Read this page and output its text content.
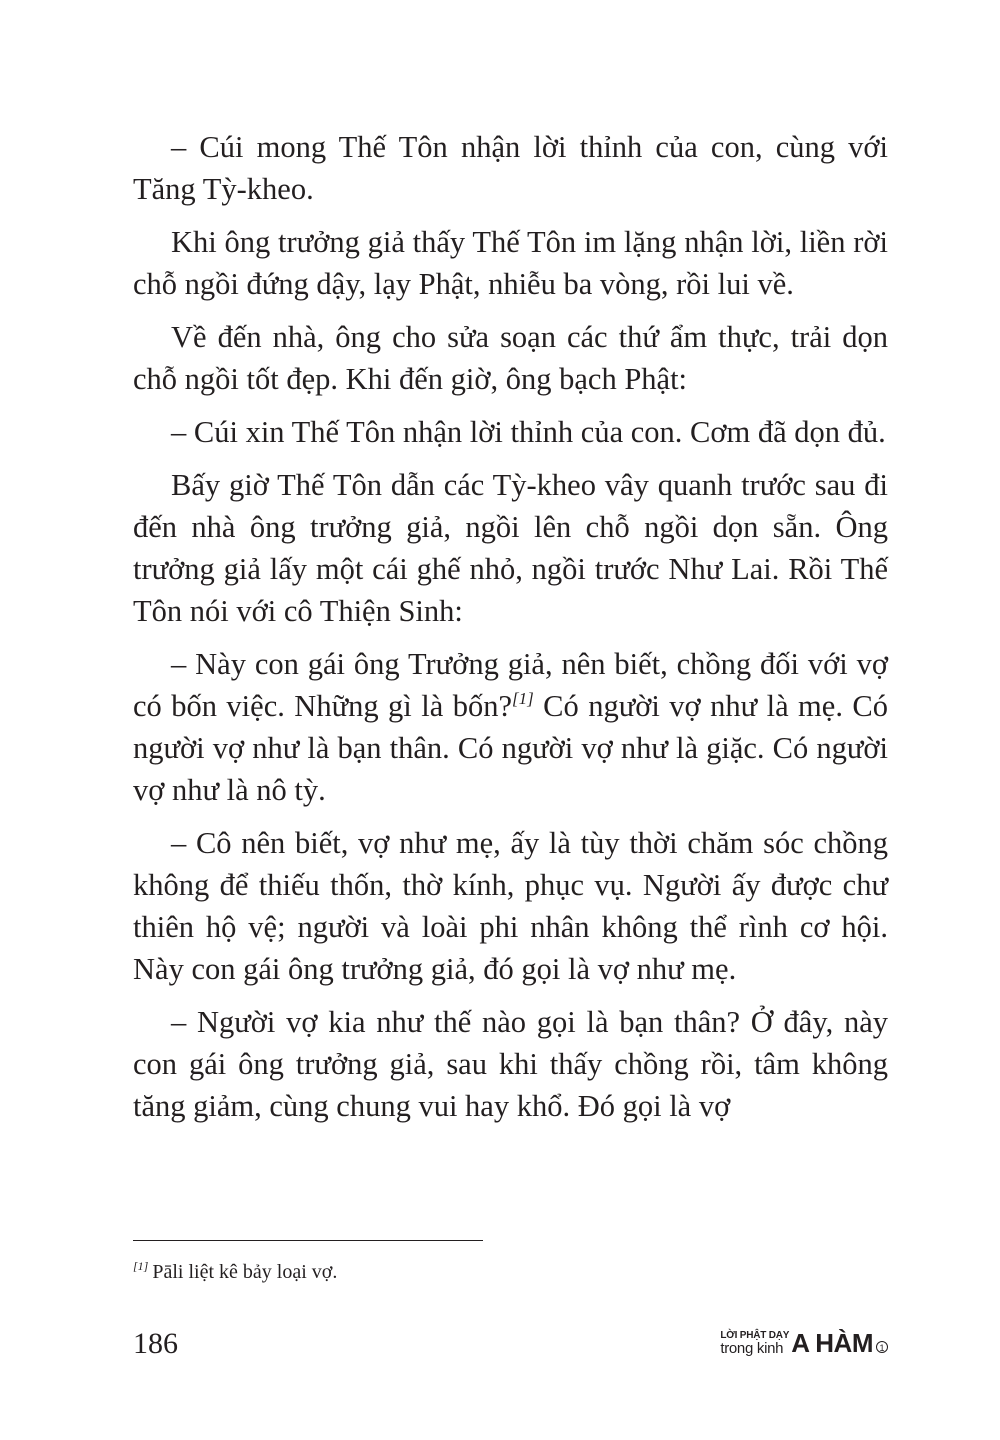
– Cúi mong Thế Tôn nhận lời thỉnh của con, cùng với Tăng Tỳ-kheo.

Khi ông trưởng giả thấy Thế Tôn im lặng nhận lời, liền rời chỗ ngồi đứng dậy, lạy Phật, nhiễu ba vòng, rồi lui về.

Về đến nhà, ông cho sửa soạn các thứ ẩm thực, trải dọn chỗ ngồi tốt đẹp. Khi đến giờ, ông bạch Phật:

– Cúi xin Thế Tôn nhận lời thỉnh của con. Cơm đã dọn đủ.

Bấy giờ Thế Tôn dẫn các Tỳ-kheo vây quanh trước sau đi đến nhà ông trưởng giả, ngồi lên chỗ ngồi dọn sẵn. Ông trưởng giả lấy một cái ghế nhỏ, ngồi trước Như Lai. Rồi Thế Tôn nói với cô Thiện Sinh:

– Này con gái ông Trưởng giả, nên biết, chồng đối với vợ có bốn việc. Những gì là bốn?[1] Có người vợ như là mẹ. Có người vợ như là bạn thân. Có người vợ như là giặc. Có người vợ như là nô tỳ.

– Cô nên biết, vợ như mẹ, ấy là tùy thời chăm sóc chồng không để thiếu thốn, thờ kính, phục vụ. Người ấy được chư thiên hộ vệ; người và loài phi nhân không thể rình cơ hội. Này con gái ông trưởng giả, đó gọi là vợ như mẹ.

– Người vợ kia như thế nào gọi là bạn thân? Ở đây, này con gái ông trưởng giả, sau khi thấy chồng rồi, tâm không tăng giảm, cùng chung vui hay khổ. Đó gọi là vợ

[1] Pāli liệt kê bảy loại vợ.
186	LỜI PHẬT DẠY
trong kinh A HÀM 1
